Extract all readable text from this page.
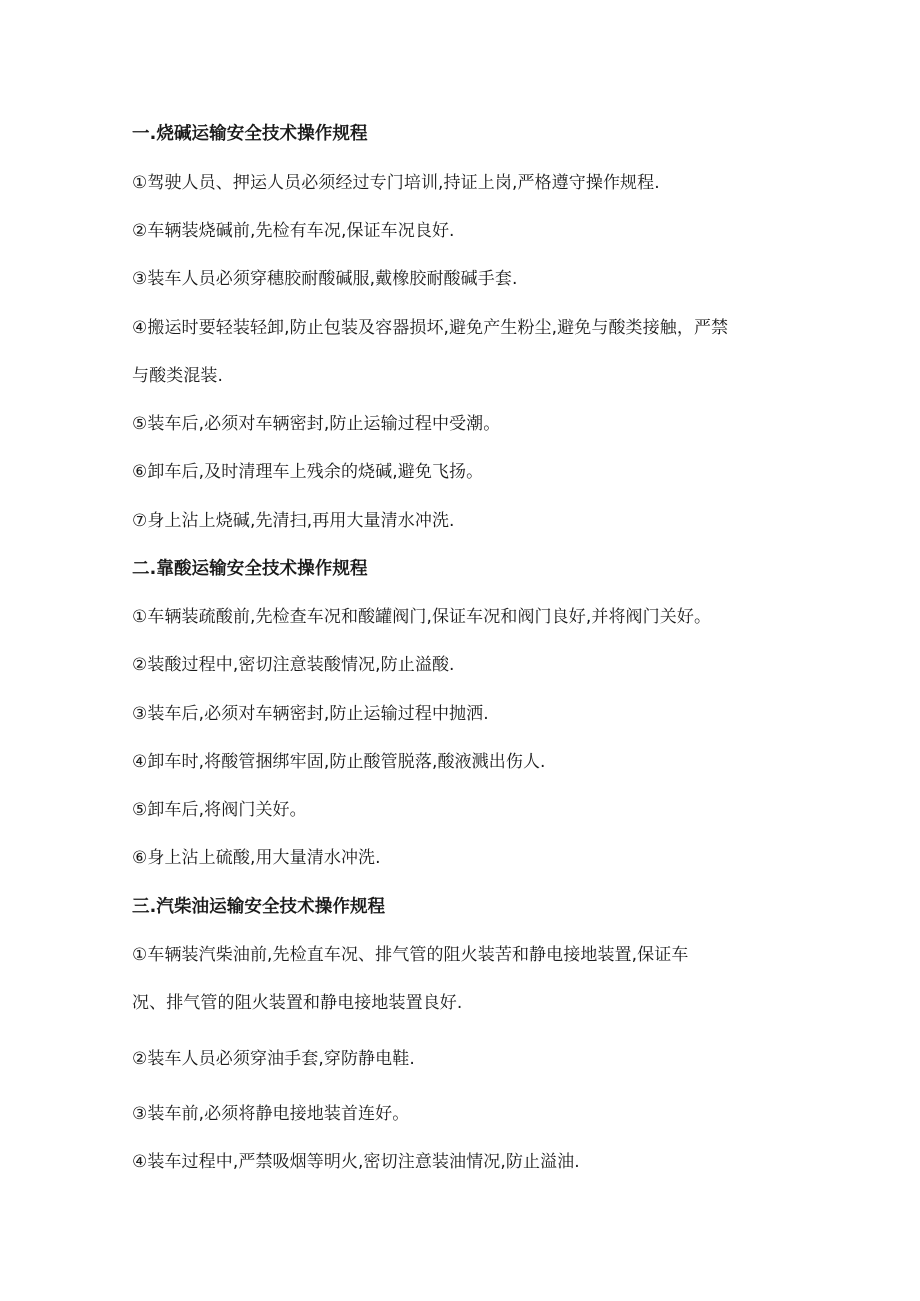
一.烧碱运输安全技术操作规程
①驾驶人员、押运人员必须经过专门培训,持证上岗,严格遵守操作规程.
②车辆装烧碱前,先检有车况,保证车况良好.
③装车人员必须穿穗胶耐酸碱服,戴橡胶耐酸碱手套.
④搬运时要轻装轻卸,防止包装及容器损坏,避免产生粉尘,避免与酸类接触，严禁
与酸类混装.
⑤装车后,必须对车辆密封,防止运输过程中受潮。
⑥卸车后,及时清理车上残余的烧碱,避免飞扬。
⑦身上沾上烧碱,先清扫,再用大量清水冲洗.
二.靠酸运输安全技术操作规程
①车辆装疏酸前,先检查车况和酸罐阀门,保证车况和阀门良好,并将阀门关好。
②装酸过程中,密切注意装酸情况,防止溢酸.
③装车后,必须对车辆密封,防止运输过程中抛洒.
④卸车时,将酸管捆绑牢固,防止酸管脱落,酸液溅出伤人.
⑤卸车后,将阀门关好。
⑥身上沾上硫酸,用大量清水冲洗.
三.汽柴油运输安全技术操作规程
①车辆装汽柴油前,先检直车况、排气管的阻火装苦和静电接地装置,保证车
况、排气管的阻火装置和静电接地装置良好.
②装车人员必须穿油手套,穿防静电鞋.
③装车前,必须将静电接地装首连好。
④装车过程中,严禁吸烟等明火,密切注意装油情况,防止溢油.
